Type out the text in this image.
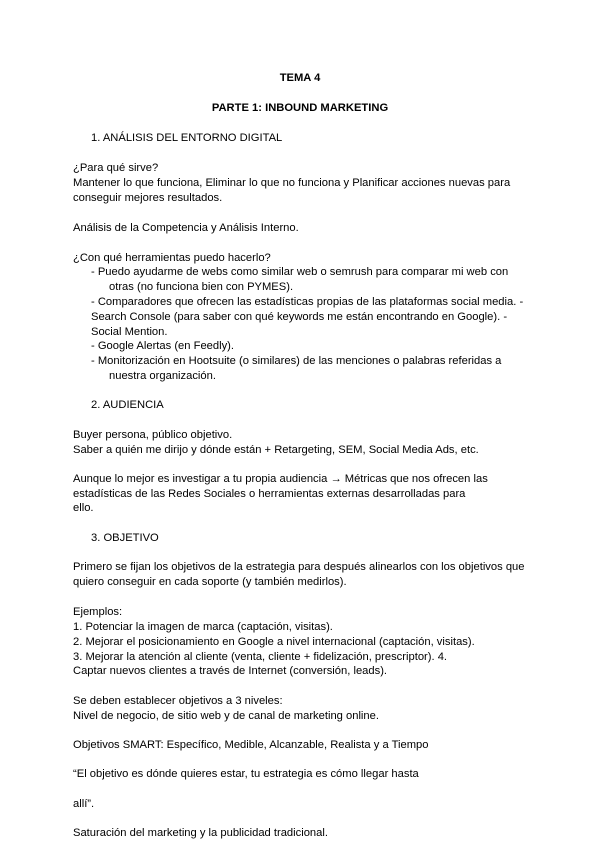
TEMA 4
PARTE 1: INBOUND MARKETING
1. ANÁLISIS DEL ENTORNO DIGITAL
¿Para qué sirve?
Mantener lo que funciona, Eliminar lo que no funciona y Planificar acciones nuevas para
conseguir mejores resultados.
Análisis de la Competencia y Análisis Interno.
¿Con qué herramientas puedo hacerlo?
- Puedo ayudarme de webs como similar web o semrush para comparar mi web con
otras (no funciona bien con PYMES).
- Comparadores que ofrecen las estadísticas propias de las plataformas social media. -
Search Console (para saber con qué keywords me están encontrando en Google). -
Social Mention.
- Google Alertas (en Feedly).
- Monitorización en Hootsuite (o similares) de las menciones o palabras referidas a
nuestra organización.
2. AUDIENCIA
Buyer persona, público objetivo.
Saber a quién me dirijo y dónde están + Retargeting, SEM, Social Media Ads, etc.
Aunque lo mejor es investigar a tu propia audiencia → Métricas que nos ofrecen las
estadísticas de las Redes Sociales o herramientas externas desarrolladas para
ello.
3. OBJETIVO
Primero se fijan los objetivos de la estrategia para después alinearlos con los objetivos que
quiero conseguir en cada soporte (y también medirlos).
Ejemplos:
1. Potenciar la imagen de marca (captación, visitas).
2. Mejorar el posicionamiento en Google a nivel internacional (captación, visitas).
3. Mejorar la atención al cliente (venta, cliente + fidelización, prescriptor). 4.
Captar nuevos clientes a través de Internet (conversión, leads).
Se deben establecer objetivos a 3 niveles:
Nivel de negocio, de sitio web y de canal de marketing online.
Objetivos SMART: Específico, Medible, Alcanzable, Realista y a Tiempo
“El objetivo es dónde quieres estar, tu estrategia es cómo llegar hasta
allí”.
Saturación del marketing y la publicidad tradicional.
